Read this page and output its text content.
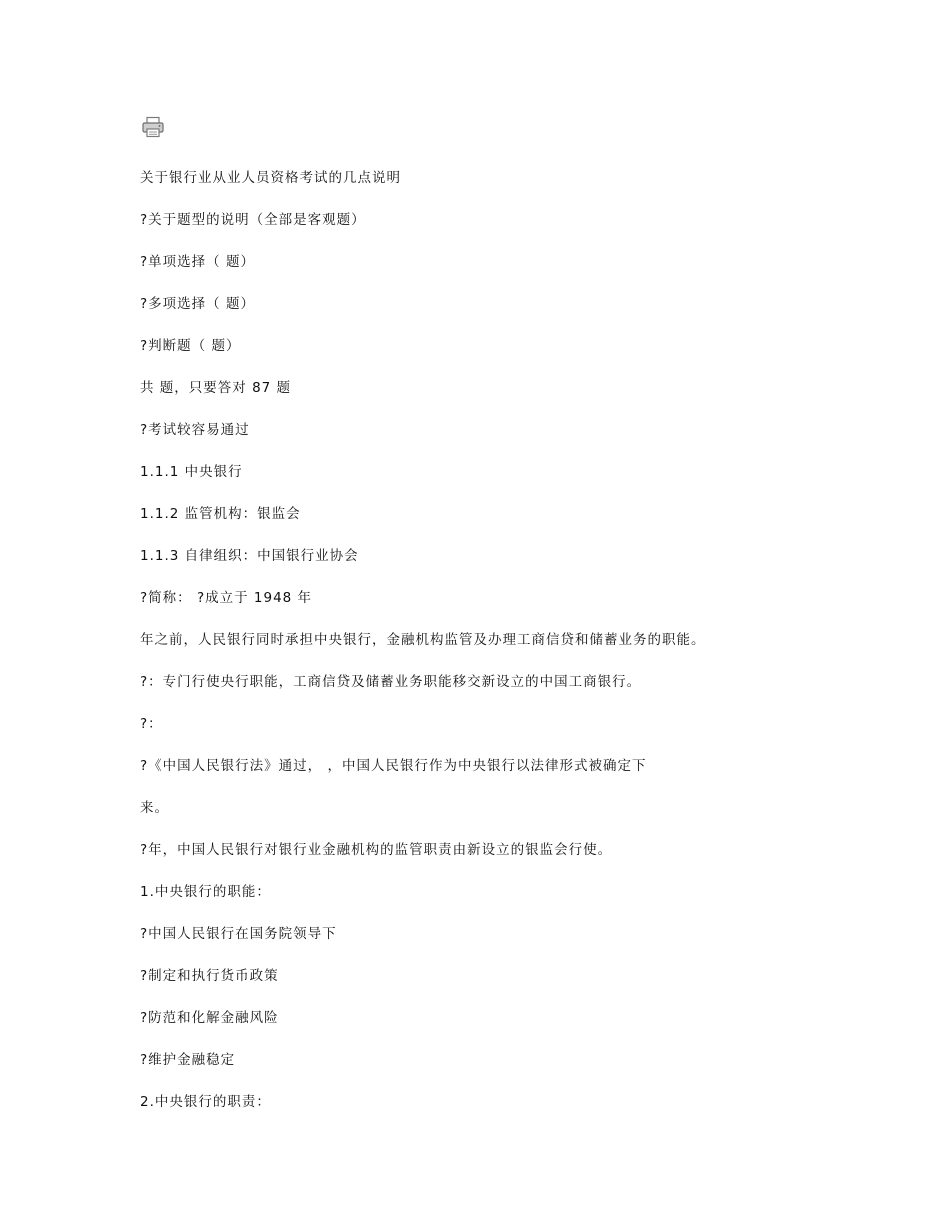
关于银行业从业人员资格考试的几点说明
?关于题型的说明（全部是客观题）
?单项选择（ 题）
?多项选择（ 题）
?判断题（ 题）
共 题，只要答对 87 题
?考试较容易通过
1.1.1 中央银行
1.1.2 监管机构：银监会
1.1.3 自律组织：中国银行业协会
?简称： ?成立于 1948 年
年之前，人民银行同时承担中央银行，金融机构监管及办理工商信贷和储蓄业务的职能。
?：专门行使央行职能，工商信贷及储蓄业务职能移交新设立的中国工商银行。
?：
?《中国人民银行法》通过， ，中国人民银行作为中央银行以法律形式被确定下
来。
?年，中国人民银行对银行业金融机构的监管职责由新设立的银监会行使。
1.中央银行的职能：
?中国人民银行在国务院领导下
?制定和执行货币政策
?防范和化解金融风险
?维护金融稳定
2.中央银行的职责：
